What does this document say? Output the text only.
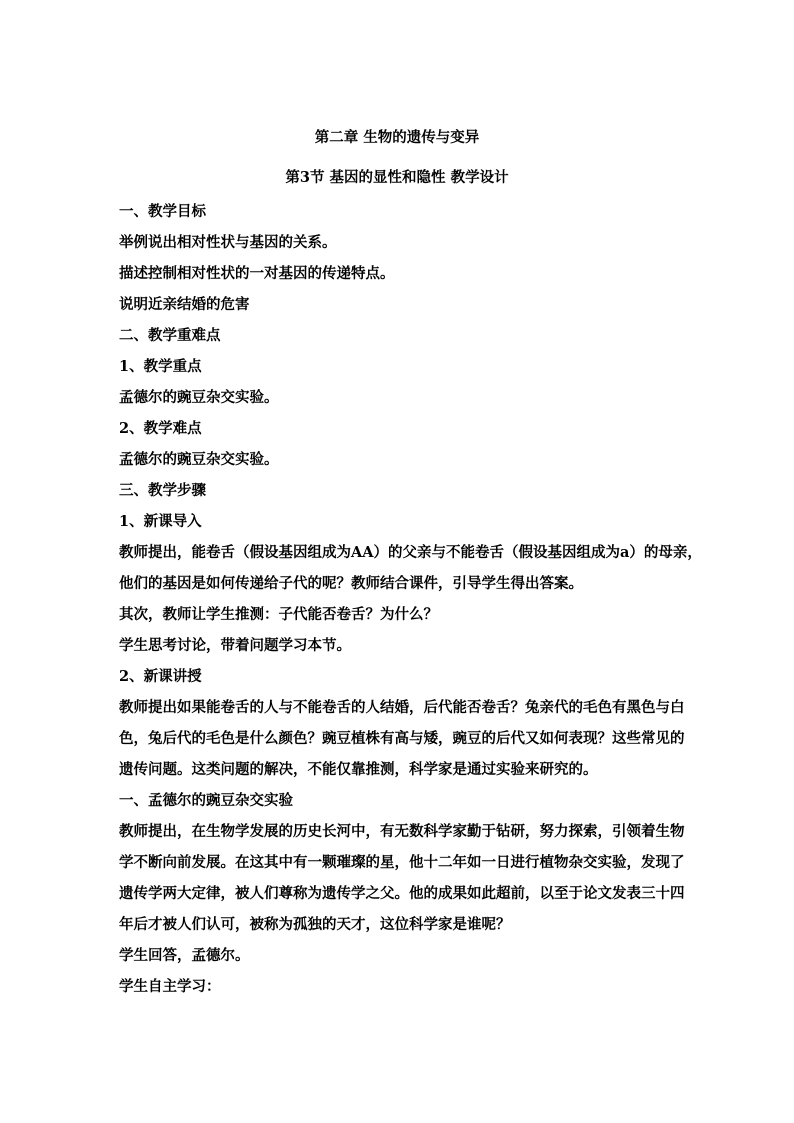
第二章 生物的遗传与变异
第3节 基因的显性和隐性 教学设计
一、教学目标
举例说出相对性状与基因的关系。
描述控制相对性状的一对基因的传递特点。
说明近亲结婚的危害
二、教学重难点
1、教学重点
孟德尔的豌豆杂交实验。
2、教学难点
孟德尔的豌豆杂交实验。
三、教学步骤
1、新课导入
教师提出，能卷舌（假设基因组成为AA）的父亲与不能卷舌（假设基因组成为a）的母亲，
他们的基因是如何传递给子代的呢？教师结合课件，引导学生得出答案。
其次，教师让学生推测：子代能否卷舌？为什么？
学生思考讨论，带着问题学习本节。
2、新课讲授
教师提出如果能卷舌的人与不能卷舌的人结婚，后代能否卷舌？兔亲代的毛色有黑色与白
色，兔后代的毛色是什么颜色？豌豆植株有高与矮，豌豆的后代又如何表现？这些常见的
遗传问题。这类问题的解决，不能仅靠推测，科学家是通过实验来研究的。
一、孟德尔的豌豆杂交实验
教师提出，在生物学发展的历史长河中，有无数科学家勤于钻研，努力探索，引领着生物
学不断向前发展。在这其中有一颗璀璨的星，他十二年如一日进行植物杂交实验，发现了
遗传学两大定律，被人们尊称为遗传学之父。他的成果如此超前，以至于论文发表三十四
年后才被人们认可，被称为孤独的天才，这位科学家是谁呢？
学生回答，孟德尔。
学生自主学习：
